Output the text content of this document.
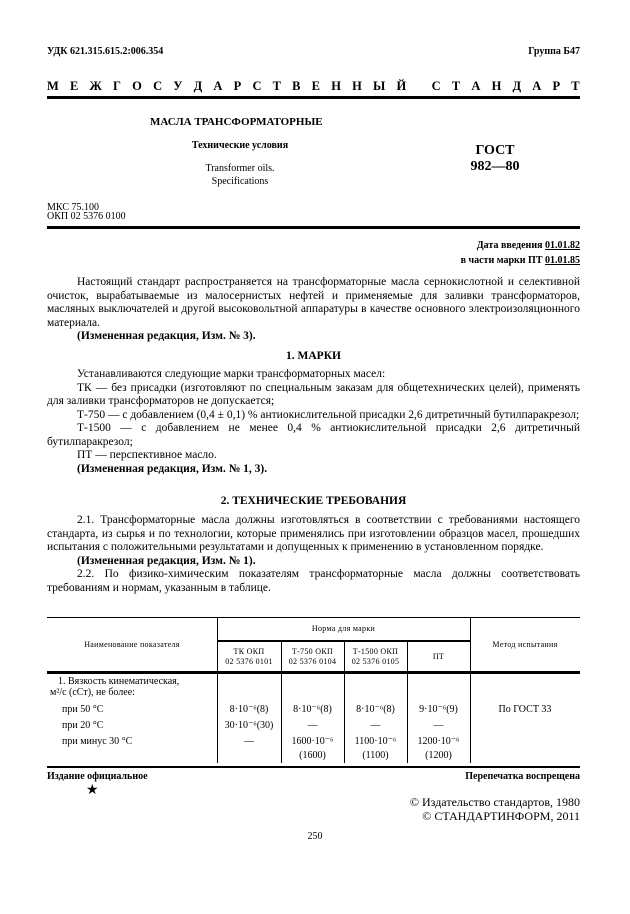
УДК 621.315.615.2:006.354	Группа Б47
М Е Ж Г О С У Д А Р С Т В Е Н Н Ы Й
С Т А Н Д А Р Т
МАСЛА ТРАНСФОРМАТОРНЫЕ
Технические условия
Transformer oils.
Specifications
ГОСТ
982—80
МКС 75.100
ОКП 02 5376 0100
Дата введения 01.01.82
в части марки ПТ 01.01.85

Настоящий стандарт распространяется на трансформаторные масла сернокислотной и селективной очисток, вырабатываемые из малосернистых нефтей и применяемые для заливки трансформаторов, масляных выключателей и другой высоковольтной аппаратуры в качестве основного электроизоляционного материала.

(Измененная редакция, Изм. № 3).

1. МАРКИ

Устанавливаются следующие марки трансформаторных масел:

ТК — без присадки (изготовляют по специальным заказам для общетехнических целей), применять для заливки трансформаторов не допускается;

Т-750 — с добавлением (0,4 ± 0,1) % антиокислительной присадки 2,6 дитретичный бутилпаракрезол;

Т-1500 — с добавлением не менее 0,4 % антиокислительной присадки 2,6 дитретичный бутилпаракрезол;

ПТ — перспективное масло.

(Измененная редакция, Изм. № 1, 3).

2. ТЕХНИЧЕСКИЕ ТРЕБОВАНИЯ

2.1. Трансформаторные масла должны изготовляться в соответствии с требованиями настоящего стандарта, из сырья и по технологии, которые применялись при изготовлении образцов масел, прошедших испытания с положительными результатами и допущенных к применению в установленном порядке.

(Измененная редакция, Изм. № 1).

2.2. По физико-химическим показателям трансформаторные масла должны соответствовать требованиям и нормам, указанным в таблице.

Наименование показателя
Норма для марки
Метод испытания
ТК ОКП
02 5376 0101
Т-750 ОКП
02 5376 0104
Т-1500 ОКП
02 5376 0105
ПТ
1. Вязкость кинематическая,
м²/с (сСт), не более:
при 50 °C
при 20 °C
при минус 30 °C
8·10⁻⁶(8)
30·10⁻⁶(30)
—
8·10⁻⁶(8)
—
1600·10⁻⁶
(1600)
8·10⁻⁶(8)
—
1100·10⁻⁶
(1100)
9·10⁻⁶(9)
—
1200·10⁻⁶
(1200)
По ГОСТ 33
Издание официальное
★
Перепечатка воспрещена
© Издательство стандартов, 1980
© СТАНДАРТИНФОРМ, 2011
250
